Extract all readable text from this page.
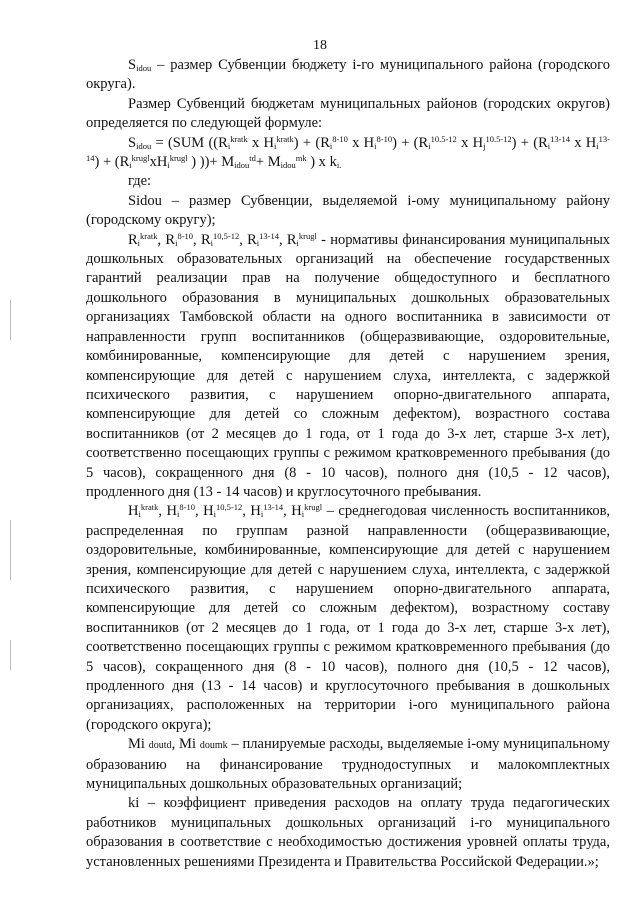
18

$S_{idou}$ – размер Субвенции бюджету i-го муниципального района (городского округа).

Размер Субвенций бюджетам муниципальных районов (городских округов) определяется по следующей формуле:

$S_{idou} = (SUM$ (($R_i^{kratk}$ x $H_i^{kratk}) + (R_i^{8-10}$ x $H_i^{8-10}) + (R_i^{10.5-12}$ x $H_j^{10.5-12}) + (R_i^{13-14}$ x $H_i^{13-14}) + (R_i^{krugl}xH_i^{krugl}$ ) ))+ $M_{idou}^{td}+ M_{idou}^{mk}$ ) x $k_{i.}$

где:

Sidou – размер Субвенции, выделяемой i-ому муниципальному району (городскому округу);

$R_i^{kratk}$, $R_i^{8-10}$, $R_i^{10,5-12}$, $R_i^{13-14}$, $R_i^{krugl}$ - нормативы финансирования муниципальных дошкольных образовательных организаций на обеспечение государственных гарантий реализации прав на получение общедоступного и бесплатного дошкольного образования в муниципальных дошкольных образовательных организациях Тамбовской области на одного воспитанника в зависимости от направленности групп воспитанников (общеразвивающие, оздоровительные, комбинированные, компенсирующие для детей с нарушением зрения, компенсирующие для детей с нарушением слуха, интеллекта, с задержкой психического развития, с нарушением опорно-двигательного аппарата, компенсирующие для детей со сложным дефектом), возрастного состава воспитанников (от 2 месяцев до 1 года, от 1 года до 3-х лет, старше 3-х лет), соответственно посещающих группы с режимом кратковременного пребывания (до 5 часов), сокращенного дня (8 - 10 часов), полного дня (10,5 - 12 часов), продленного дня (13 - 14 часов) и круглосуточного пребывания.

$H_i^{kratk}$, $H_i^{8-10}$, $H_i^{10,5-12}$, $H_i^{13-14}$, $H_i^{krugl}$ – среднегодовая численность воспитанников, распределенная по группам разной направленности (общеразвивающие, оздоровительные, комбинированные, компенсирующие для детей с нарушением зрения, компенсирующие для детей с нарушением слуха, интеллекта, с задержкой психического развития, с нарушением опорно-двигательного аппарата, компенсирующие для детей со сложным дефектом), возрастному составу воспитанников (от 2 месяцев до 1 года, от 1 года до 3-х лет, старше 3-х лет), соответственно посещающих группы с режимом кратковременного пребывания (до 5 часов), сокращенного дня (8 - 10 часов), полного дня (10,5 - 12 часов), продленного дня (13 - 14 часов) и круглосуточного пребывания в дошкольных организациях, расположенных на территории i-ого муниципального района (городского округа);

Mi doutd, Mi doumk – планируемые расходы, выделяемые i-ому муниципальному образованию на финансирование труднодоступных и малокомплектных муниципальных дошкольных образовательных организаций;

ki – коэффициент приведения расходов на оплату труда педагогических работников муниципальных дошкольных организаций i-го муниципального образования в соответствие с необходимостью достижения уровней оплаты труда, установленных решениями Президента и Правительства Российской Федерации.»;
